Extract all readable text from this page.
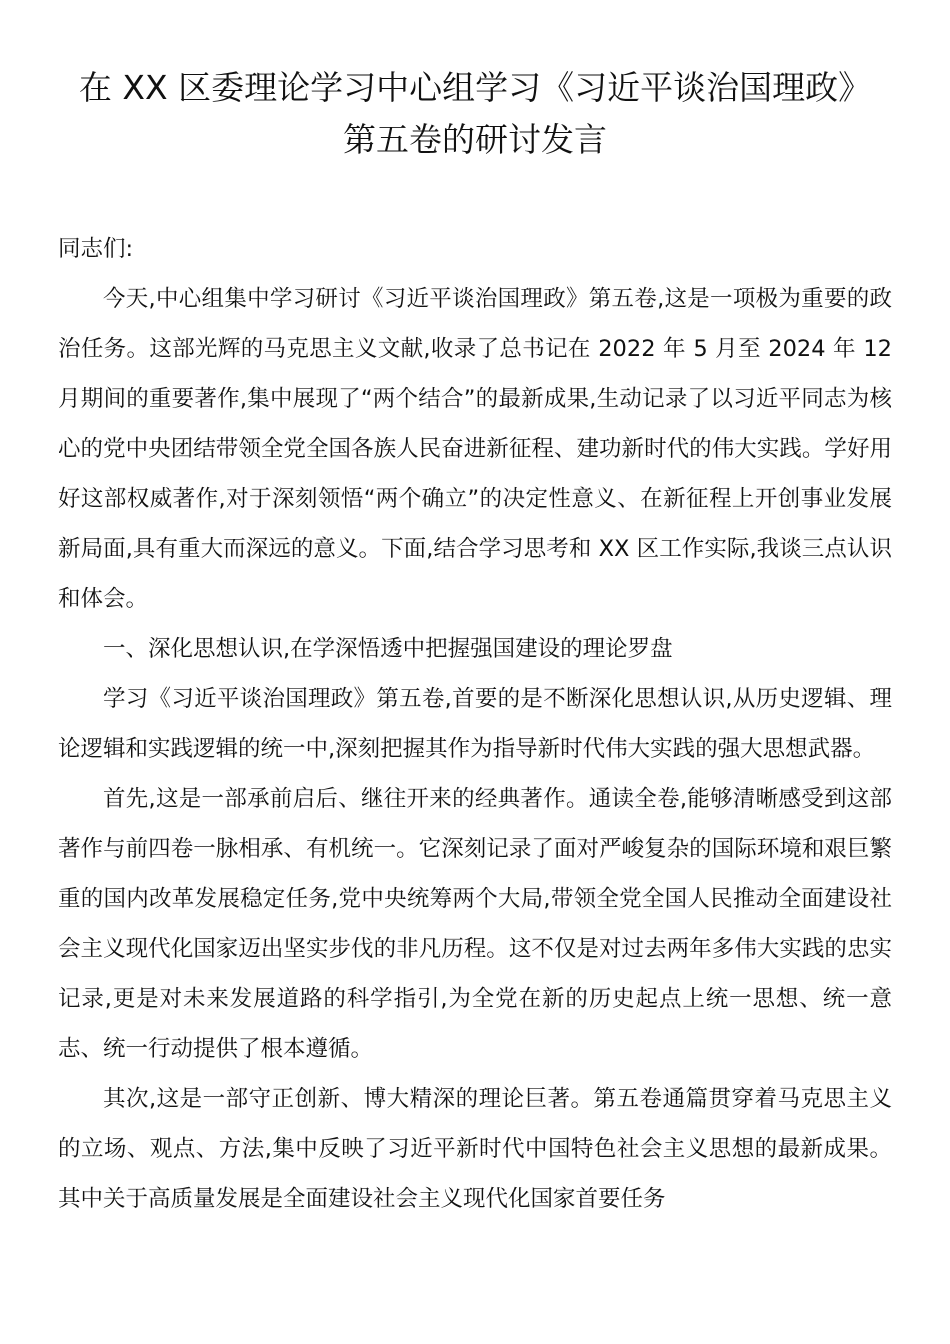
在 XX 区委理论学习中心组学习《习近平谈治国理政》
第五卷的研讨发言

同志们:

今天,中心组集中学习研讨《习近平谈治国理政》第五卷,这是一项极为重要的政治任务。这部光辉的马克思主义文献,收录了总书记在 2022 年 5 月至 2024 年 12 月期间的重要著作,集中展现了“两个结合”的最新成果,生动记录了以习近平同志为核心的党中央团结带领全党全国各族人民奋进新征程、建功新时代的伟大实践。学好用好这部权威著作,对于深刻领悟“两个确立”的决定性意义、在新征程上开创事业发展新局面,具有重大而深远的意义。下面,结合学习思考和 XX 区工作实际,我谈三点认识和体会。

一、深化思想认识,在学深悟透中把握强国建设的理论罗盘

学习《习近平谈治国理政》第五卷,首要的是不断深化思想认识,从历史逻辑、理论逻辑和实践逻辑的统一中,深刻把握其作为指导新时代伟大实践的强大思想武器。

首先,这是一部承前启后、继往开来的经典著作。通读全卷,能够清晰感受到这部著作与前四卷一脉相承、有机统一。它深刻记录了面对严峻复杂的国际环境和艰巨繁重的国内改革发展稳定任务,党中央统筹两个大局,带领全党全国人民推动全面建设社会主义现代化国家迈出坚实步伐的非凡历程。这不仅是对过去两年多伟大实践的忠实记录,更是对未来发展道路的科学指引,为全党在新的历史起点上统一思想、统一意志、统一行动提供了根本遵循。

其次,这是一部守正创新、博大精深的理论巨著。第五卷通篇贯穿着马克思主义的立场、观点、方法,集中反映了习近平新时代中国特色社会主义思想的最新成果。其中关于高质量发展是全面建设社会主义现代化国家首要任务
